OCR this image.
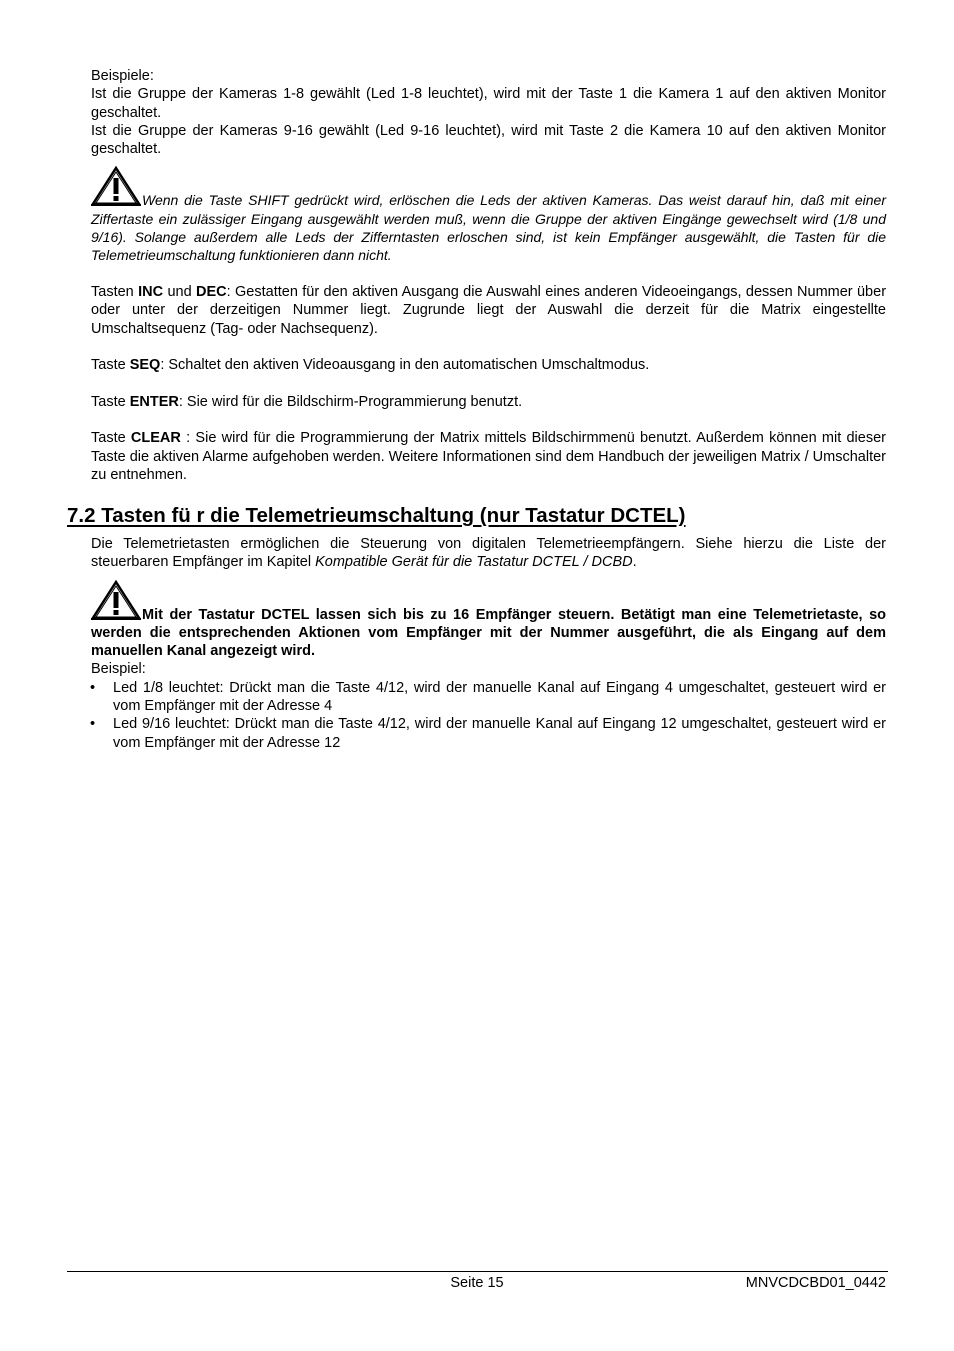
Beispiele:

Ist die Gruppe der Kameras 1-8 gewählt (Led 1-8 leuchtet), wird mit der Taste 1 die Kamera 1 auf den aktiven Monitor geschaltet.

Ist die Gruppe der Kameras 9-16 gewählt (Led 9-16 leuchtet), wird mit Taste 2 die Kamera 10 auf den aktiven Monitor geschaltet.

Wenn die Taste SHIFT gedrückt wird, erlöschen die Leds der aktiven Kameras. Das weist darauf hin, daß mit einer Ziffertaste ein zulässiger Eingang ausgewählt werden muß, wenn die Gruppe der aktiven Eingänge gewechselt wird (1/8 und 9/16). Solange außerdem alle Leds der Zifferntasten erloschen sind, ist kein Empfänger ausgewählt, die Tasten für die Telemetrieumschaltung funktionieren dann nicht.

Tasten INC und DEC: Gestatten für den aktiven Ausgang die Auswahl eines anderen Videoeingangs, dessen Nummer über oder unter der derzeitigen Nummer liegt. Zugrunde liegt der Auswahl die derzeit für die Matrix eingestellte Umschaltsequenz (Tag- oder Nachsequenz).

Taste SEQ: Schaltet den aktiven Videoausgang in den automatischen Umschaltmodus.

Taste ENTER: Sie wird für die Bildschirm-Programmierung benutzt.

Taste CLEAR : Sie wird für die Programmierung der Matrix mittels Bildschirmmenü benutzt. Außerdem können mit dieser Taste die aktiven Alarme aufgehoben werden. Weitere Informationen sind dem Handbuch der jeweiligen Matrix / Umschalter zu entnehmen.

7.2 Tasten fü r die Telemetrieumschaltung (nur Tastatur DCTEL)

Die Telemetrietasten ermöglichen die Steuerung von digitalen Telemetrieempfängern. Siehe hierzu die Liste der steuerbaren Empfänger im Kapitel Kompatible Gerät für die Tastatur DCTEL / DCBD.

Mit der Tastatur DCTEL lassen sich bis zu 16 Empfänger steuern. Betätigt man eine Telemetrietaste, so werden die entsprechenden Aktionen vom Empfänger mit der Nummer ausgeführt, die als Eingang auf dem manuellen Kanal angezeigt wird.

Beispiel:

• Led 1/8 leuchtet: Drückt man die Taste 4/12, wird der manuelle Kanal auf Eingang 4 umgeschaltet, gesteuert wird er vom Empfänger mit der Adresse 4
• Led 9/16 leuchtet: Drückt man die Taste 4/12, wird der manuelle Kanal auf Eingang 12 umgeschaltet, gesteuert wird er vom Empfänger mit der Adresse 12
Seite 15	MNVCDCBD01_0442
